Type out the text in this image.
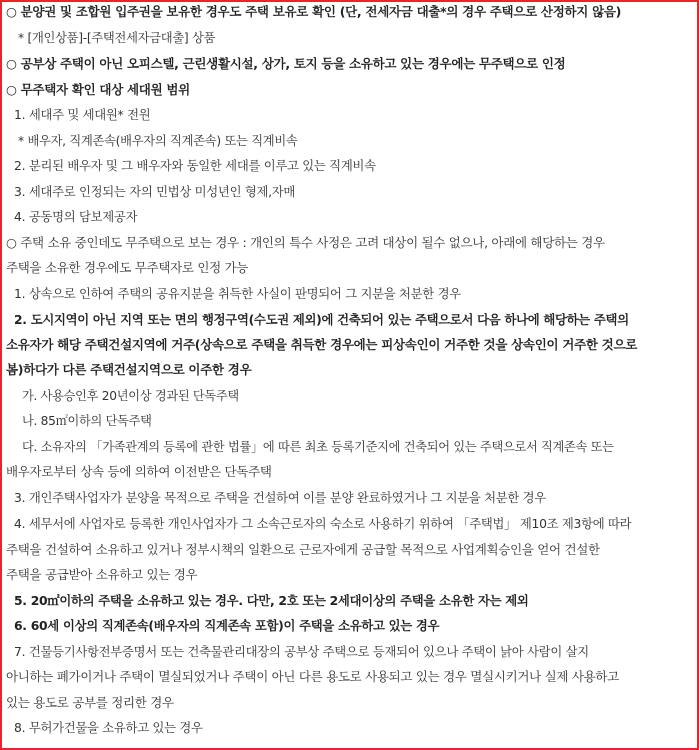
○ 분양권 및 조합원 입주권을 보유한 경우도 주택 보유로 확인 (단, 전세자금 대출*의 경우 주택으로 산정하지 않음)
* [개인상품]-[주택전세자금대출] 상품
○ 공부상 주택이 아닌 오피스텔, 근린생활시설, 상가, 토지 등을 소유하고 있는 경우에는 무주택으로 인정
○ 무주택자 확인 대상 세대원 범위
1. 세대주 및 세대원* 전원
* 배우자, 직계존속(배우자의 직계존속) 또는 직계비속
2. 분리된 배우자 및 그 배우자와 동일한 세대를 이루고 있는 직계비속
3. 세대주로 인정되는 자의 민법상 미성년인 형제,자매
4. 공동명의 담보제공자
○ 주택 소유 중인데도 무주택으로 보는 경우 : 개인의 특수 사정은 고려 대상이 될수 없으나, 아래에 해당하는 경우
주택을 소유한 경우에도 무주택자로 인정 가능
1. 상속으로 인하여 주택의 공유지분을 취득한 사실이 판명되어 그 지분을 처분한 경우
2. 도시지역이 아닌 지역 또는 면의 행정구역(수도권 제외)에 건축되어 있는 주택으로서 다음 하나에 해당하는 주택의
소유자가 해당 주택건설지역에 거주(상속으로 주택을 취득한 경우에는 피상속인이 거주한 것을 상속인이 거주한 것으로
봄)하다가 다른 주택건설지역으로 이주한 경우
가. 사용승인후 20년이상 경과된 단독주택
나. 85㎡이하의 단독주택
다. 소유자의 「가족관계의 등록에 관한 법률」에 따른 최초 등록기준지에 건축되어 있는 주택으로서 직계존속 또는
배우자로부터 상속 등에 의하여 이전받은 단독주택
3. 개인주택사업자가 분양을 목적으로 주택을 건설하여 이를 분양 완료하였거나 그 지분을 처분한 경우
4. 세무서에 사업자로 등록한 개인사업자가 그 소속근로자의 숙소로 사용하기 위하여 「주택법」 제10조 제3항에 따라
주택을 건설하여 소유하고 있거나 정부시책의 일환으로 근로자에게 공급할 목적으로 사업계획승인을 얻어 건설한
주택을 공급받아 소유하고 있는 경우
5. 20㎡이하의 주택을 소유하고 있는 경우. 다만, 2호 또는 2세대이상의 주택을 소유한 자는 제외
6. 60세 이상의 직계존속(배우자의 직계존속 포함)이 주택을 소유하고 있는 경우
7. 건물등기사항전부증명서 또는 건축물관리대장의 공부상 주택으로 등재되어 있으나 주택이 낡아 사람이 살지
아니하는 폐가이거나 주택이 멸실되었거나 주택이 아닌 다른 용도로 사용되고 있는 경우 멸실시키거나 실제 사용하고
있는 용도로 공부를 정리한 경우
8. 무허가건물을 소유하고 있는 경우
